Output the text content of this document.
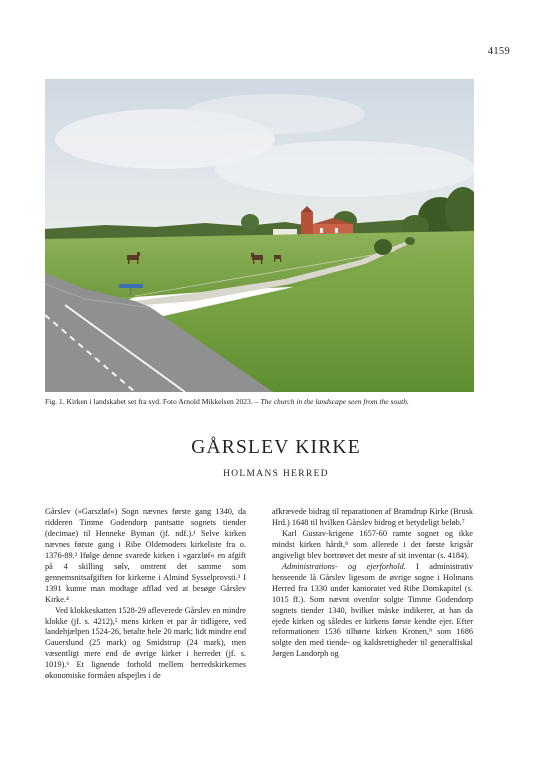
4159
Fig. 1. Kirken i landskabet set fra syd. Foto Arnold Mikkelsen 2023. – The church in the landscape seen from the south.
GÅRSLEV KIRKE
HOLMANS HERRED

Gårslev (»Garszløf«) Sogn nævnes første gang 1340, da ridderen Timme Godendorp pantsatte sognets tiender (decimae) til Henneke Byman (jf. ndf.).¹ Selve kirken nævnes første gang i Ribe Oldemoders kirkeliste fra o. 1376-89.² Ifølge denne svarede kirken i »garzløf« en afgift på 4 skilling sølv, omtrent det samme som gennemsnitsafgiften for kirkerne i Almind Sysselprovsti.³ I 1391 kunne man modtage afflad ved at besøge Gårslev Kirke.⁴

Ved klokkeskatten 1528-29 afleverede Gårslev en mindre klokke (jf. s. 4212),⁵ mens kirken et par år tidligere, ved landehjælpen 1524-26, betalte hele 20 mark; lidt mindre end Gauerslund (25 mark) og Smidstrup (24 mark), men væsentligt mere end de øvrige kirker i herredet (jf. s. 1019).⁶ Et lignende forhold mellem herredskirkernes økonomiske formåen afspejles i de

afkrævede bidrag til reparationen af Bramdrup Kirke (Brusk Hrd.) 1648 til hvilken Gårslev bidrog et betydeligt beløb.⁷

Karl Gustav-krigene 1657-60 ramte sognet og ikke mindst kirken hårdt,⁸ som allerede i det første krigsår angiveligt blev bortrøvet det meste af sit inventar (s. 4184).

Administrations- og ejerforhold. I administrativ henseende lå Gårslev ligesom de øvrige sogne i Holmans Herred fra 1330 under kantoratet ved Ribe Domkapitel (s. 1015 ff.). Som nævnt ovenfor solgte Timme Godendorp sognets tiender 1340, hvilket måske indikerer, at han da ejede kirken og således er kirkens første kendte ejer. Efter reformationen 1536 tilhørte kirken Kronen,⁹ som 1686 solgte den med tiende- og kaldsrettigheder til generalfiskal Jørgen Landorph og
